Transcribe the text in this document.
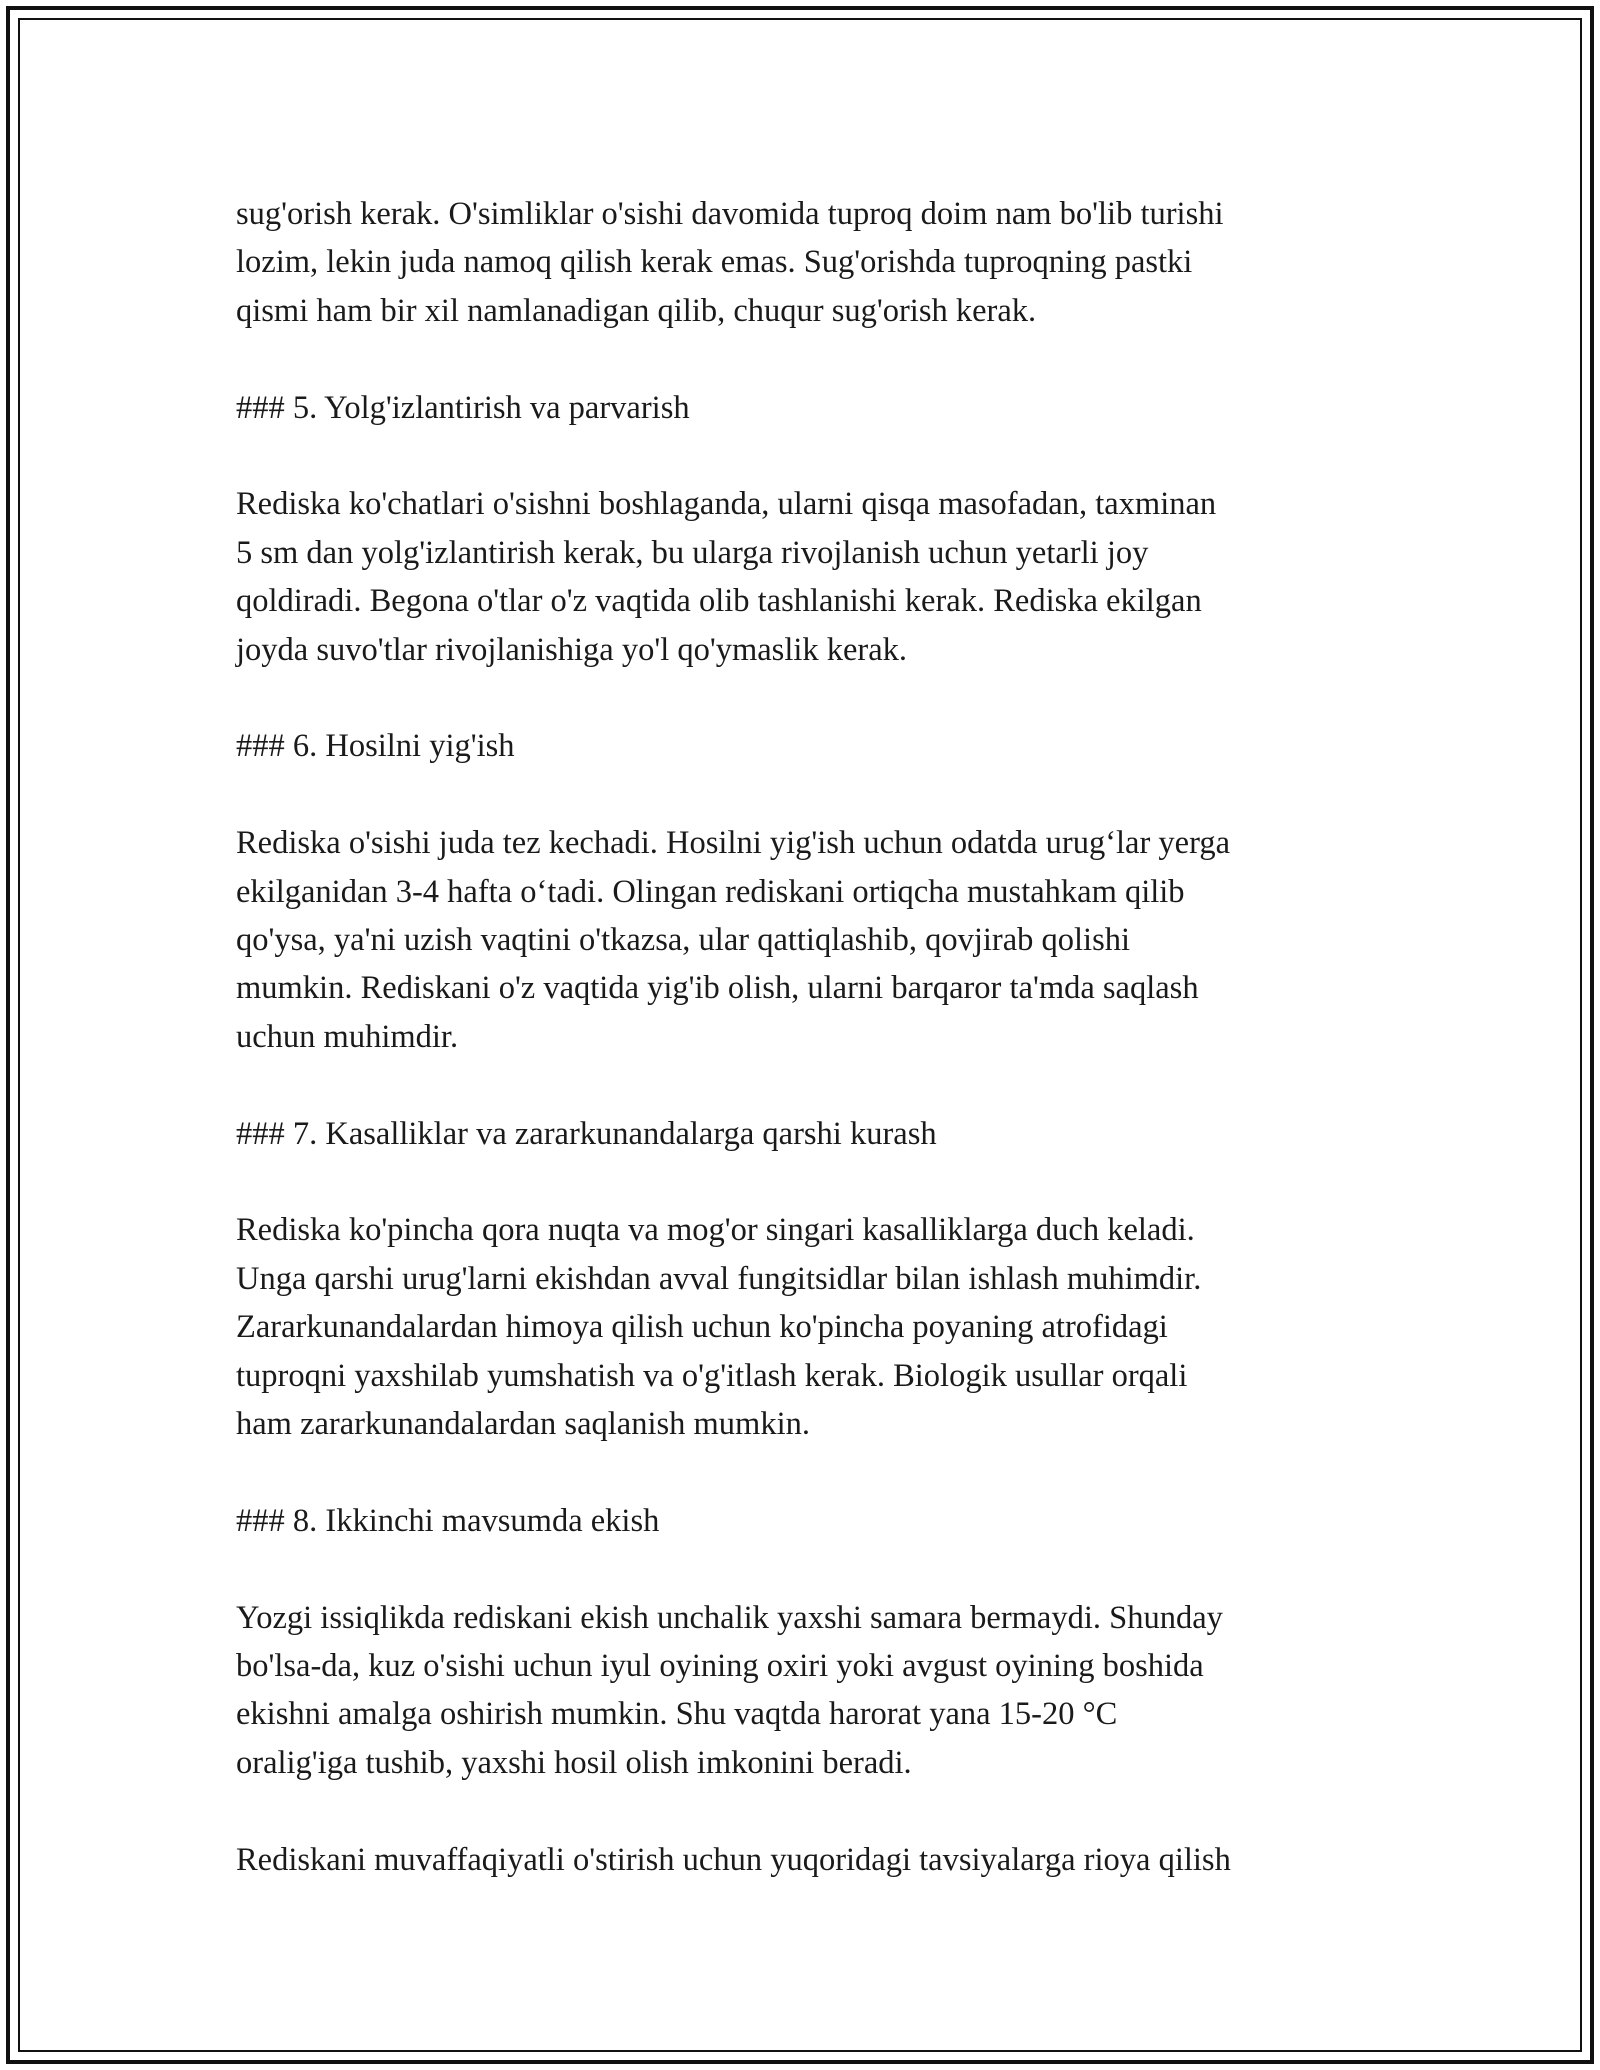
sug'orish kerak. O'simliklar o'sishi davomida tuproq doim nam bo'lib turishi
lozim, lekin juda namoq qilish kerak emas. Sug'orishda tuproqning pastki
qismi ham bir xil namlanadigan qilib, chuqur sug'orish kerak.

### 5. Yolg'izlantirish va parvarish

Rediska ko'chatlari o'sishni boshlaganda, ularni qisqa masofadan, taxminan
5 sm dan yolg'izlantirish kerak, bu ularga rivojlanish uchun yetarli joy
qoldiradi. Begona o'tlar o'z vaqtida olib tashlanishi kerak. Rediska ekilgan
joyda suvo'tlar rivojlanishiga yo'l qo'ymaslik kerak.

### 6. Hosilni yig'ish

Rediska o'sishi juda tez kechadi. Hosilni yig'ish uchun odatda urug‘lar yerga
ekilganidan 3-4 hafta o‘tadi. Olingan rediskani ortiqcha mustahkam qilib
qo'ysa, ya'ni uzish vaqtini o'tkazsa, ular qattiqlashib, qovjirab qolishi
mumkin. Rediskani o'z vaqtida yig'ib olish, ularni barqaror ta'mda saqlash
uchun muhimdir.

### 7. Kasalliklar va zararkunandalarga qarshi kurash

Rediska ko'pincha qora nuqta va mog'or singari kasalliklarga duch keladi.
Unga qarshi urug'larni ekishdan avval fungitsidlar bilan ishlash muhimdir.
Zararkunandalardan himoya qilish uchun ko'pincha poyaning atrofidagi
tuproqni yaxshilab yumshatish va o'g'itlash kerak. Biologik usullar orqali
ham zararkunandalardan saqlanish mumkin.

### 8. Ikkinchi mavsumda ekish

Yozgi issiqlikda rediskani ekish unchalik yaxshi samara bermaydi. Shunday
bo'lsa-da, kuz o'sishi uchun iyul oyining oxiri yoki avgust oyining boshida
ekishni amalga oshirish mumkin. Shu vaqtda harorat yana 15-20 °C
oralig'iga tushib, yaxshi hosil olish imkonini beradi.

Rediskani muvaffaqiyatli o'stirish uchun yuqoridagi tavsiyalarga rioya qilish
